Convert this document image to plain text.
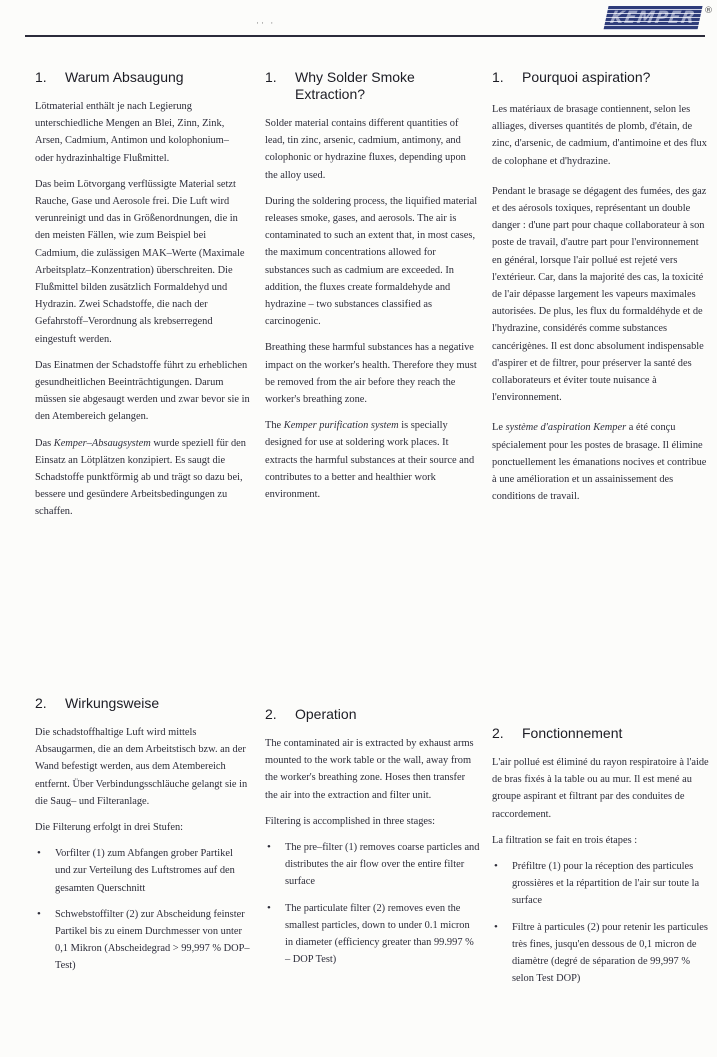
·· ·	KEMPER ®
1.	Warum Absaugung

Lötmaterial enthält je nach Legierung unterschiedliche Mengen an Blei, Zinn, Zink, Arsen, Cadmium, Antimon und kolophonium– oder hydrazinhaltige Flußmittel.

Das beim Lötvorgang verflüssigte Material setzt Rauche, Gase und Aerosole frei. Die Luft wird verunreinigt und das in Größenordnungen, die in den meisten Fällen, wie zum Beispiel bei Cadmium, die zulässigen MAK–Werte (Maximale Arbeitsplatz–Konzentration) überschreiten. Die Flußmittel bilden zusätzlich Formaldehyd und Hydrazin. Zwei Schadstoffe, die nach der Gefahrstoff–Verordnung als krebserregend eingestuft werden.

Das Einatmen der Schadstoffe führt zu erheblichen gesundheitlichen Beeinträchtigungen. Darum müssen sie abgesaugt werden und zwar bevor sie in den Atembereich gelangen.

Das Kemper–Absaugsystem wurde speziell für den Einsatz an Lötplätzen konzipiert. Es saugt die Schadstoffe punktförmig ab und trägt so dazu bei, bessere und gesündere Arbeitsbedingungen zu schaffen.

1.	Why Solder Smoke Extraction?

Solder material contains different quantities of lead, tin zinc, arsenic, cadmium, antimony, and colophonic or hydrazine fluxes, depending upon the alloy used.

During the soldering process, the liquified material releases smoke, gases, and aerosols. The air is contaminated to such an extent that, in most cases, the maximum concentrations allowed for substances such as cadmium are exceeded. In addition, the fluxes create formaldehyde and hydrazine – two substances classified as carcinogenic.

Breathing these harmful substances has a negative impact on the worker's health. Therefore they must be removed from the air before they reach the worker's breathing zone.

The Kemper purification system is specially designed for use at soldering work places. It extracts the harmful substances at their source and contributes to a better and healthier work environment.

1.	Pourquoi aspiration?

Les matériaux de brasage contiennent, selon les alliages, diverses quantités de plomb, d'étain, de zinc, d'arsenic, de cadmium, d'antimoine et des flux de colophane et d'hydrazine.

Pendant le brasage se dégagent des fumées, des gaz et des aérosols toxiques, représentant un double danger : d'une part pour chaque collaborateur à son poste de travail, d'autre part pour l'environnement en général, lorsque l'air pollué est rejeté vers l'extérieur. Car, dans la majorité des cas, la toxicité de l'air dépasse largement les vapeurs maximales autorisées. De plus, les flux du formaldéhyde et de l'hydrazine, considérés comme substances cancérigènes. Il est donc absolument indispensable d'aspirer et de filtrer, pour préserver la santé des collaborateurs et éviter toute nuisance à l'environnement.

Le système d'aspiration Kemper a été conçu spécialement pour les postes de brasage. Il élimine ponctuellement les émanations nocives et contribue à une amélioration et un assainissement des conditions de travail.

2.	Wirkungsweise

Die schadstoffhaltige Luft wird mittels Absaugarmen, die an dem Arbeitstisch bzw. an der Wand befestigt werden, aus dem Atembereich entfernt. Über Verbindungsschläuche gelangt sie in die Saug– und Filteranlage.

Die Filterung erfolgt in drei Stufen:

• Vorfilter (1) zum Abfangen grober Partikel und zur Verteilung des Luftstromes auf den gesamten Querschnitt
• Schwebstoffilter (2) zur Abscheidung feinster Partikel bis zu einem Durchmesser von unter 0,1 Mikron (Abscheidegrad > 99,997 % DOP–Test)
2.	Operation

The contaminated air is extracted by exhaust arms mounted to the work table or the wall, away from the worker's breathing zone. Hoses then transfer the air into the extraction and filter unit.

Filtering is accomplished in three stages:

• The pre–filter (1) removes coarse particles and distributes the air flow over the entire filter surface
• The particulate filter (2) removes even the smallest particles, down to under 0.1 micron in diameter (efficiency greater than 99.997 % – DOP Test)
2.	Fonctionnement

L'air pollué est éliminé du rayon respiratoire à l'aide de bras fixés à la table ou au mur. Il est mené au groupe aspirant et filtrant par des conduites de raccordement.

La filtration se fait en trois étapes :

• Préfiltre (1) pour la réception des particules grossières et la répartition de l'air sur toute la surface
• Filtre à particules (2) pour retenir les particules très fines, jusqu'en dessous de 0,1 micron de diamètre (degré de séparation de 99,997 % selon Test DOP)
